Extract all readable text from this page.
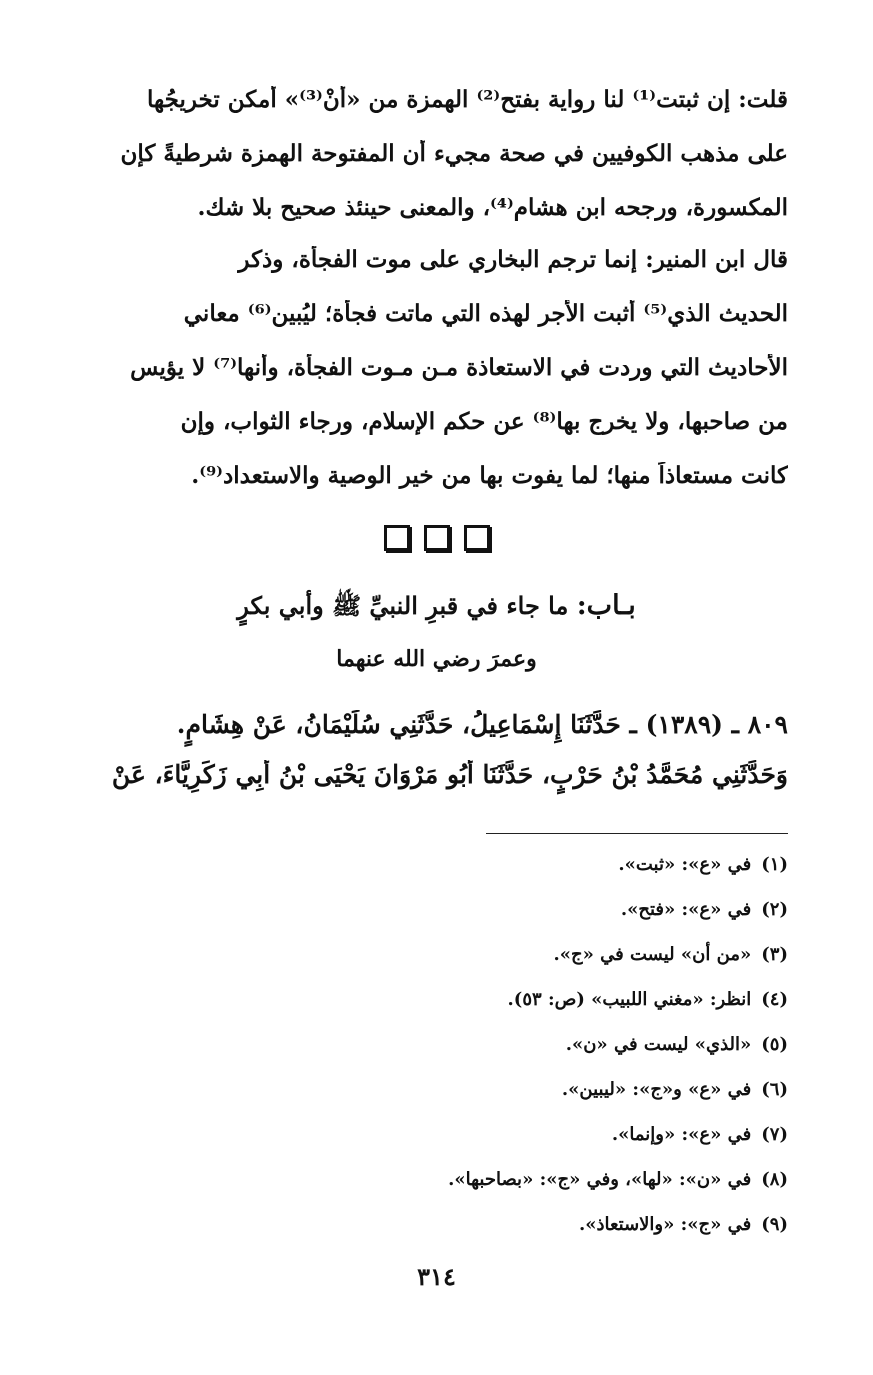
قلت: إن ثبتت⁽¹⁾ لنا رواية بفتح⁽²⁾ الهمزة من «أنْ⁽³⁾» أمكن تخريجُها
على مذهب الكوفيين في صحة مجيء أن المفتوحة الهمزة شرطيةً كإن
المكسورة، ورجحه ابن هشام⁽⁴⁾، والمعنى حينئذ صحيح بلا شك.
قال ابن المنير: إنما ترجم البخاري على موت الفجأة، وذكر
الحديث الذي⁽⁵⁾ أثبت الأجر لهذه التي ماتت فجأة؛ ليُبين⁽⁶⁾ معاني
الأحاديث التي وردت في الاستعاذة مـن مـوت الفجأة، وأنها⁽⁷⁾ لا يؤيس
من صاحبها، ولا يخرج بها⁽⁸⁾ عن حكم الإسلام، ورجاء الثواب، وإن
كانت مستعاذاً منها؛ لما يفوت بها من خير الوصية والاستعداد⁽⁹⁾.
بـاب: ما جاء في قبرِ النبيِّ ﷺ وأبي بكرٍ
وعمرَ رضي الله عنهما
٨٠٩ ـ (١٣٨٩) ـ حَدَّثَنَا إِسْمَاعِيلُ، حَدَّثَنِي سُلَيْمَانُ، عَنْ هِشَامٍ.
وَحَدَّثَنِي مُحَمَّدُ بْنُ حَرْبٍ، حَدَّثَنَا أَبُو مَرْوَانَ يَحْيَى بْنُ أَبِي زَكَرِيَّاءَ، عَنْ
(١)في «ع»: «ثبت».
(٢)في «ع»: «فتح».
(٣)«من أن» ليست في «ج».
(٤)انظر: «مغني اللبيب» (ص: ٥٣).
(٥)«الذي» ليست في «ن».
(٦)في «ع» و«ج»: «ليبين».
(٧)في «ع»: «وإنما».
(٨)في «ن»: «لها»، وفي «ج»: «بصاحبها».
(٩)في «ج»: «والاستعاذ».
٣١٤
